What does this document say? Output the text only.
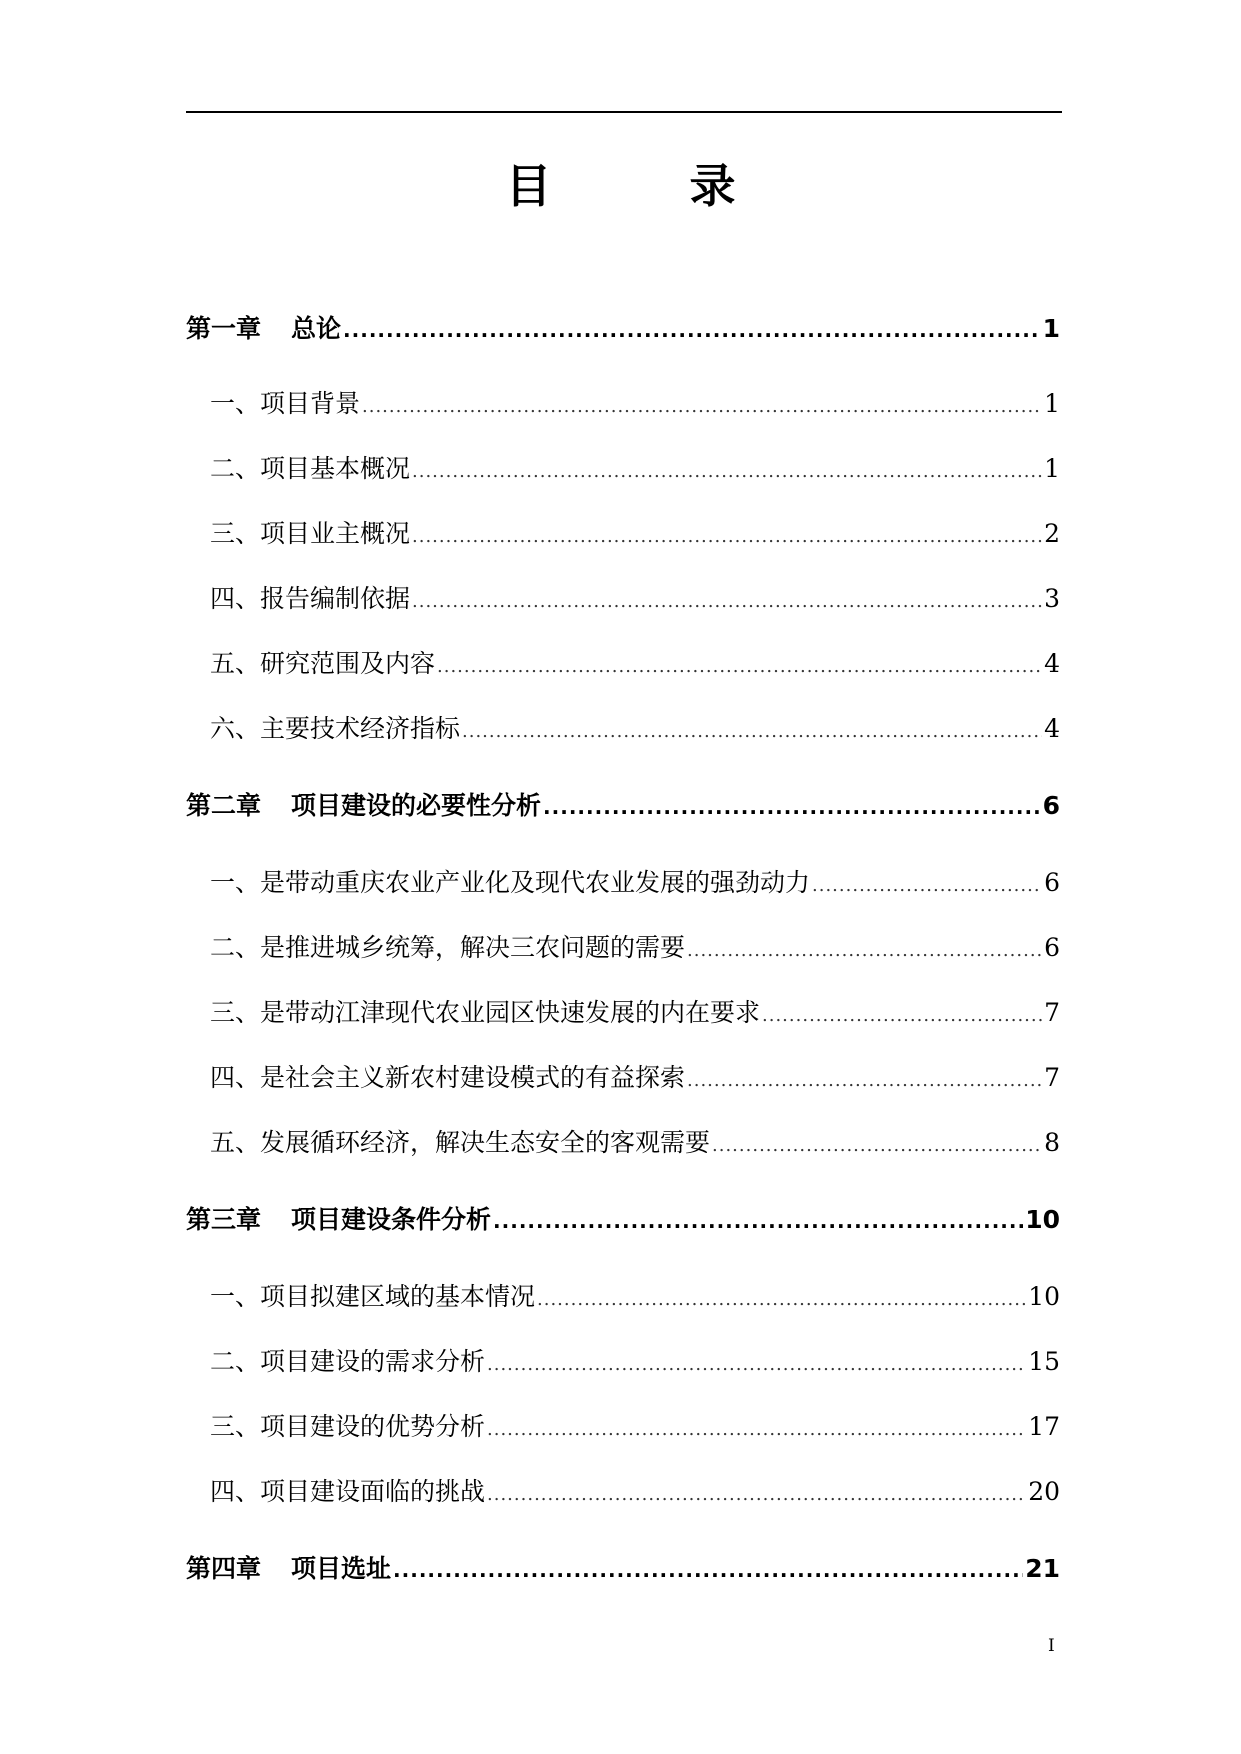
目　录
第一章 总论 .....	1
一、项目背景 .....	1
二、项目基本概况 .....	1
三、项目业主概况 .....	2
四、报告编制依据 .....	3
五、研究范围及内容 .....	4
六、主要技术经济指标 .....	4
第二章 项目建设的必要性分析 .....	6
一、是带动重庆农业产业化及现代农业发展的强劲动力 .....	6
二、是推进城乡统筹，解决三农问题的需要 .....	6
三、是带动江津现代农业园区快速发展的内在要求 .....	7
四、是社会主义新农村建设模式的有益探索 .....	7
五、发展循环经济，解决生态安全的客观需要 .....	8
第三章 项目建设条件分析 .....	10
一、项目拟建区域的基本情况 .....	10
二、项目建设的需求分析 .....	15
三、项目建设的优势分析 .....	17
四、项目建设面临的挑战 .....	20
第四章 项目选址 .....	21
I
